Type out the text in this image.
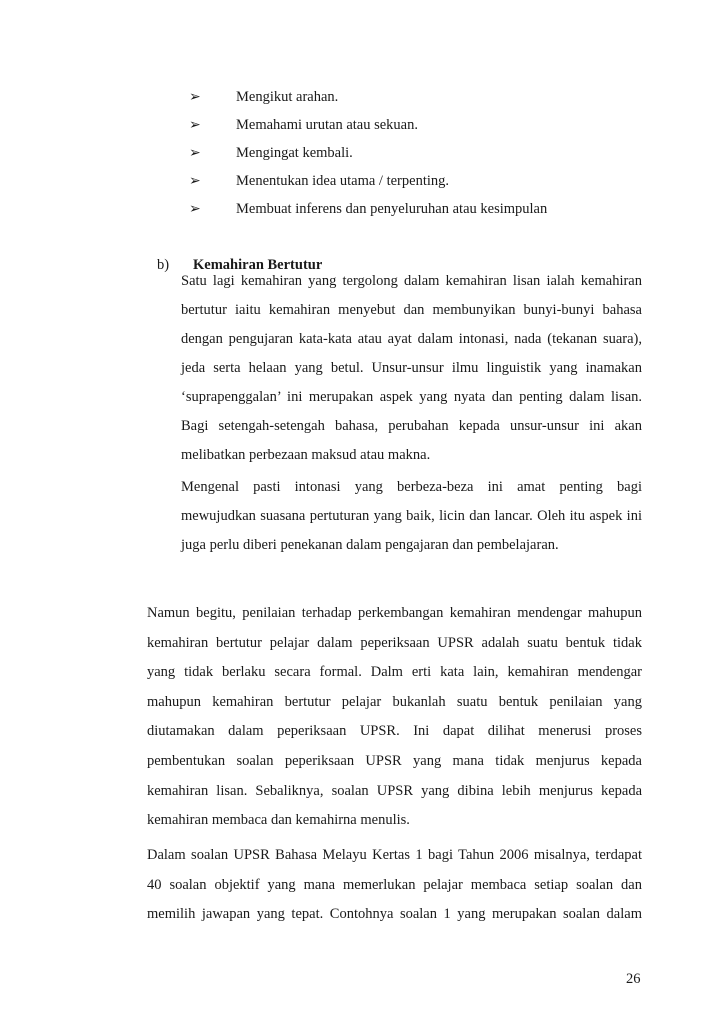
➢ Mengikut arahan.
➢ Memahami urutan atau sekuan.
➢ Mengingat kembali.
➢ Menentukan idea utama / terpenting.
➢ Membuat inferens dan penyeluruhan atau kesimpulan
b) Kemahiran Bertutur
Satu lagi kemahiran yang tergolong dalam kemahiran lisan ialah kemahiran
bertutur iaitu kemahiran menyebut dan membunyikan bunyi-bunyi bahasa
dengan pengujaran kata-kata atau ayat dalam intonasi, nada (tekanan suara),
jeda serta helaan yang betul. Unsur-unsur ilmu linguistik yang inamakan
‘suprapenggalan’ ini merupakan aspek yang nyata dan penting dalam lisan.
Bagi setengah-setengah bahasa, perubahan kepada unsur-unsur ini akan
melibatkan perbezaan maksud atau makna.
Mengenal pasti intonasi yang berbeza-beza ini amat penting bagi
mewujudkan suasana pertuturan yang baik, licin dan lancar. Oleh itu aspek ini
juga perlu diberi penekanan dalam pengajaran dan pembelajaran.
Namun begitu, penilaian terhadap perkembangan kemahiran mendengar mahupun
kemahiran bertutur pelajar dalam peperiksaan UPSR adalah suatu bentuk tidak
yang tidak berlaku secara formal. Dalm erti kata lain, kemahiran mendengar
mahupun kemahiran bertutur pelajar bukanlah suatu bentuk penilaian yang
diutamakan dalam peperiksaan UPSR. Ini dapat dilihat menerusi proses
pembentukan soalan peperiksaan UPSR yang mana tidak menjurus kepada
kemahiran lisan. Sebaliknya, soalan UPSR yang dibina lebih menjurus kepada
kemahiran membaca dan kemahirna menulis.
Dalam soalan UPSR Bahasa Melayu Kertas 1 bagi Tahun 2006 misalnya, terdapat
40 soalan objektif yang mana memerlukan pelajar membaca setiap soalan dan
memilih jawapan yang tepat. Contohnya soalan 1 yang merupakan soalan dalam
26
